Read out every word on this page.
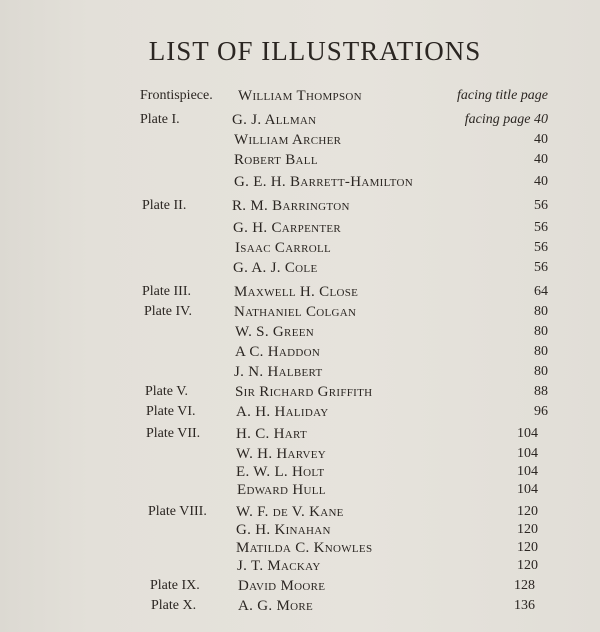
LIST OF ILLUSTRATIONS
Frontispiece. William Thompson	facing title page
Plate I.	G. J. Allman	facing page 40
William Archer	40
Robert Ball	40
G. E. H. Barrett-Hamilton	40
Plate II.	R. M. Barrington	56
G. H. Carpenter	56
Isaac Carroll	56
G. A. J. Cole	56
Plate III.	Maxwell H. Close	64
Plate IV.	Nathaniel Colgan	80
W. S. Green	80
A C. Haddon	80
J. N. Halbert	80
Plate V.	Sir Richard Griffith	88
Plate VI.	A. H. Haliday	96
Plate VII. H. C. Hart	104
W. H. Harvey	104
E. W. L. Holt	104
Edward Hull	104
Plate VIII. W. F. de V. Kane	120
G. H. Kinahan	120
Matilda C. Knowles	120
J. T. Mackay	120
Plate IX.	David Moore	128
Plate X.	A. G. More	136
